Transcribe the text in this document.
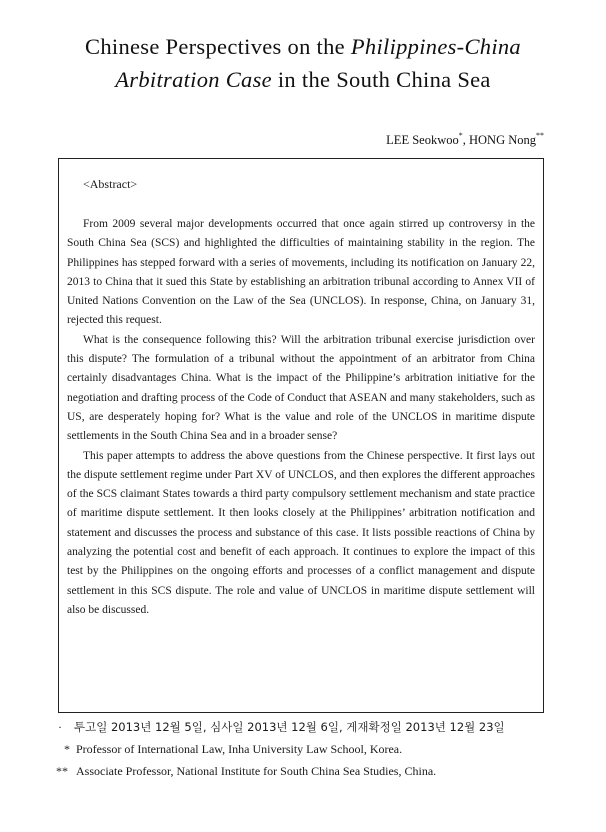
Chinese Perspectives on the Philippines-China
Arbitration Case in the South China Sea
LEE Seokwoo*, HONG Nong**
<Abstract>

From 2009 several major developments occurred that once again stirred up controversy in the South China Sea (SCS) and highlighted the difficulties of maintaining stability in the region. The Philippines has stepped forward with a series of movements, including its notification on January 22, 2013 to China that it sued this State by establishing an arbitration tribunal according to Annex VII of United Nations Convention on the Law of the Sea (UNCLOS). In response, China, on January 31, rejected this request.

What is the consequence following this? Will the arbitration tribunal exercise jurisdiction over this dispute? The formulation of a tribunal without the appointment of an arbitrator from China certainly disadvantages China. What is the impact of the Philippine’s arbitration initiative for the negotiation and drafting process of the Code of Conduct that ASEAN and many stakeholders, such as US, are desperately hoping for? What is the value and role of the UNCLOS in maritime dispute settlements in the South China Sea and in a broader sense?

This paper attempts to address the above questions from the Chinese perspective. It first lays out the dispute settlement regime under Part XV of UNCLOS, and then explores the different approaches of the SCS claimant States towards a third party compulsory settlement mechanism and state practice of maritime dispute settlement. It then looks closely at the Philippines’ arbitration notification and statement and discusses the process and substance of this case. It lists possible reactions of China by analyzing the potential cost and benefit of each approach. It continues to explore the impact of this test by the Philippines on the ongoing efforts and processes of a conflict management and dispute settlement in this SCS dispute. The role and value of UNCLOS in maritime dispute settlement will also be discussed.

· 투고일 2013년 12월 5일, 심사일 2013년 12월 6일, 게재확정일 2013년 12월 23일
* Professor of International Law, Inha University Law School, Korea.
** Associate Professor, National Institute for South China Sea Studies, China.
